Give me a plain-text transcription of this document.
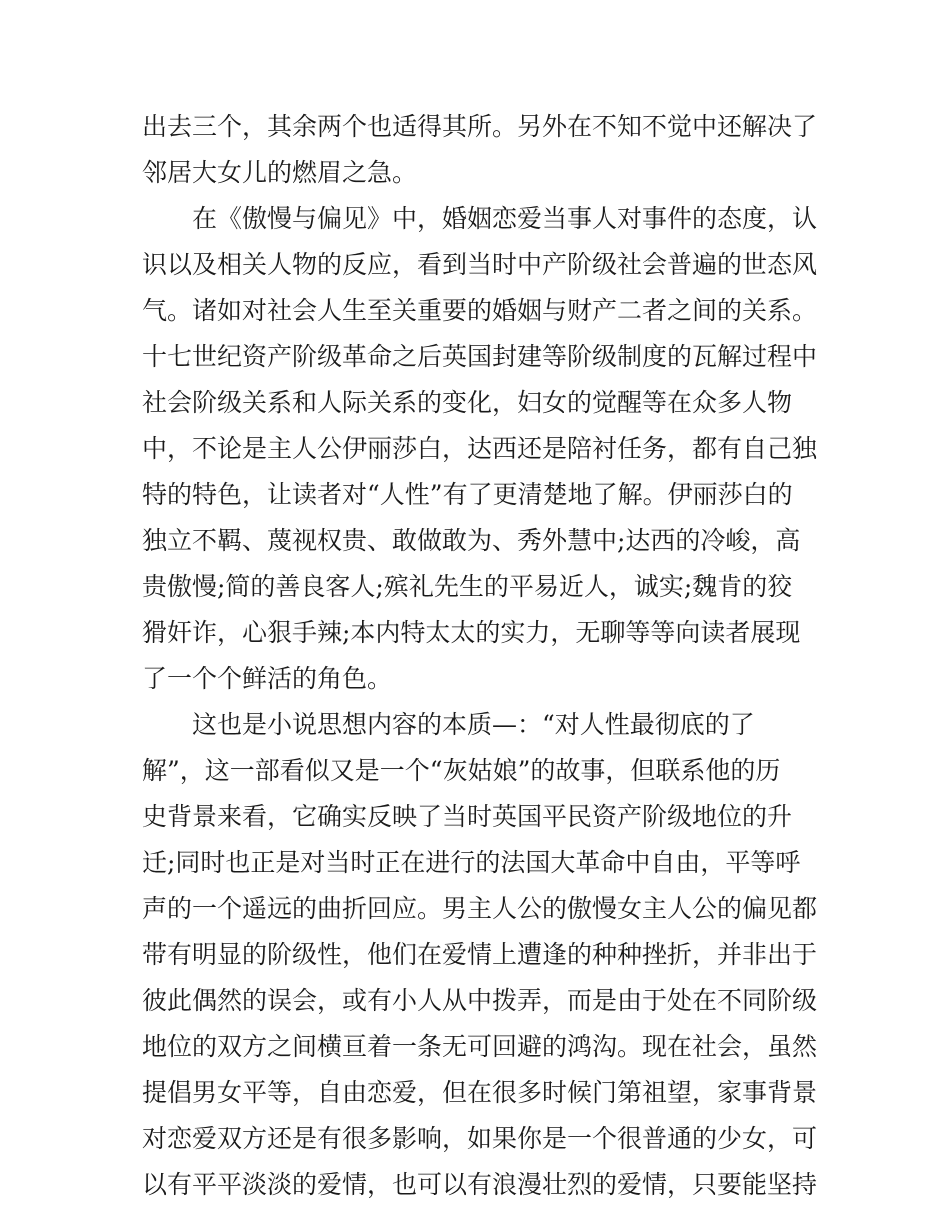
出去三个，其余两个也适得其所。另外在不知不觉中还解决了
邻居大女儿的燃眉之急。
在《傲慢与偏见》中，婚姻恋爱当事人对事件的态度，认
识以及相关人物的反应，看到当时中产阶级社会普遍的世态风
气。诸如对社会人生至关重要的婚姻与财产二者之间的关系。
十七世纪资产阶级革命之后英国封建等阶级制度的瓦解过程中
社会阶级关系和人际关系的变化，妇女的觉醒等在众多人物
中，不论是主人公伊丽莎白，达西还是陪衬任务，都有自己独
特的特色，让读者对“人性”有了更清楚地了解。伊丽莎白的
独立不羁、蔑视权贵、敢做敢为、秀外慧中;达西的冷峻，高
贵傲慢;简的善良客人;殡礼先生的平易近人，诚实;魏肯的狡
猾奸诈，心狠手辣;本内特太太的实力，无聊等等向读者展现
了一个个鲜活的角色。
这也是小说思想内容的本质—：“对人性最彻底的了
解”，这一部看似又是一个“灰姑娘”的故事，但联系他的历
史背景来看，它确实反映了当时英国平民资产阶级地位的升
迁;同时也正是对当时正在进行的法国大革命中自由，平等呼
声的一个遥远的曲折回应。男主人公的傲慢女主人公的偏见都
带有明显的阶级性，他们在爱情上遭逢的种种挫折，并非出于
彼此偶然的误会，或有小人从中拨弄，而是由于处在不同阶级
地位的双方之间横亘着一条无可回避的鸿沟。现在社会，虽然
提倡男女平等，自由恋爱，但在很多时候门第祖望，家事背景
对恋爱双方还是有很多影响，如果你是一个很普通的少女，可
以有平平淡淡的爱情，也可以有浪漫壮烈的爱情，只要能坚持
